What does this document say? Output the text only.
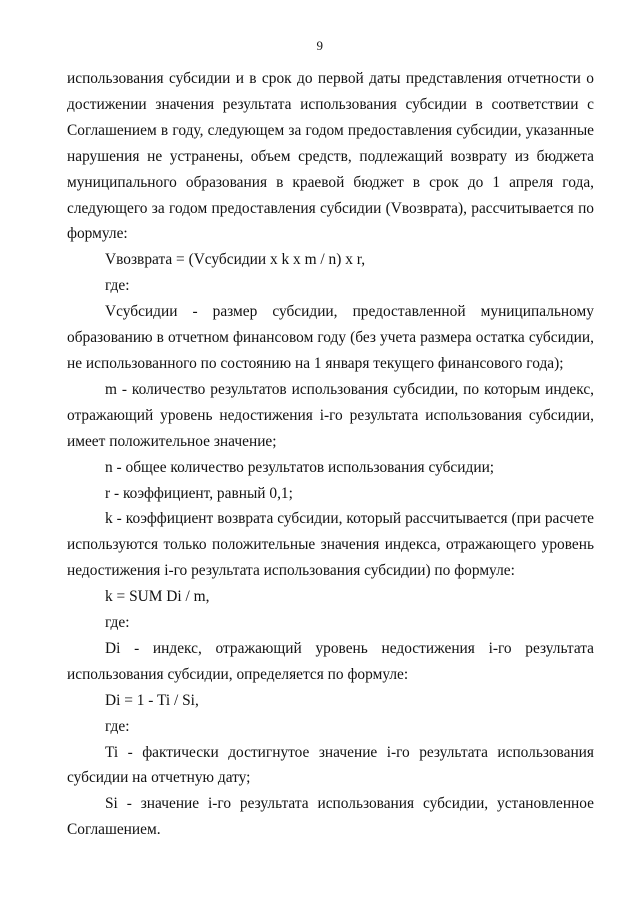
9

использования субсидии и в срок до первой даты представления отчетности о достижении значения результата использования субсидии в соответствии с Соглашением в году, следующем за годом предоставления субсидии, указанные нарушения не устранены, объем средств, подлежащий возврату из бюджета муниципального образования в краевой бюджет в срок до 1 апреля года, следующего за годом предоставления субсидии (Vвозврата), рассчитывается по формуле:

Vвозврата = (Vсубсидии x k x m / n) x r,

где:

Vсубсидии - размер субсидии, предоставленной муниципальному образованию в отчетном финансовом году (без учета размера остатка субсидии, не использованного по состоянию на 1 января текущего финансового года);

m - количество результатов использования субсидии, по которым индекс, отражающий уровень недостижения i-го результата использования субсидии, имеет положительное значение;

n - общее количество результатов использования субсидии;

r - коэффициент, равный 0,1;

k - коэффициент возврата субсидии, который рассчитывается (при расчете используются только положительные значения индекса, отражающего уровень недостижения i-го результата использования субсидии) по формуле:

k = SUM Di / m,

где:

Di - индекс, отражающий уровень недостижения i-го результата использования субсидии, определяется по формуле:

Di = 1 - Ti / Si,

где:

Ti - фактически достигнутое значение i-го результата использования субсидии на отчетную дату;

Si - значение i-го результата использования субсидии, установленное Соглашением.
